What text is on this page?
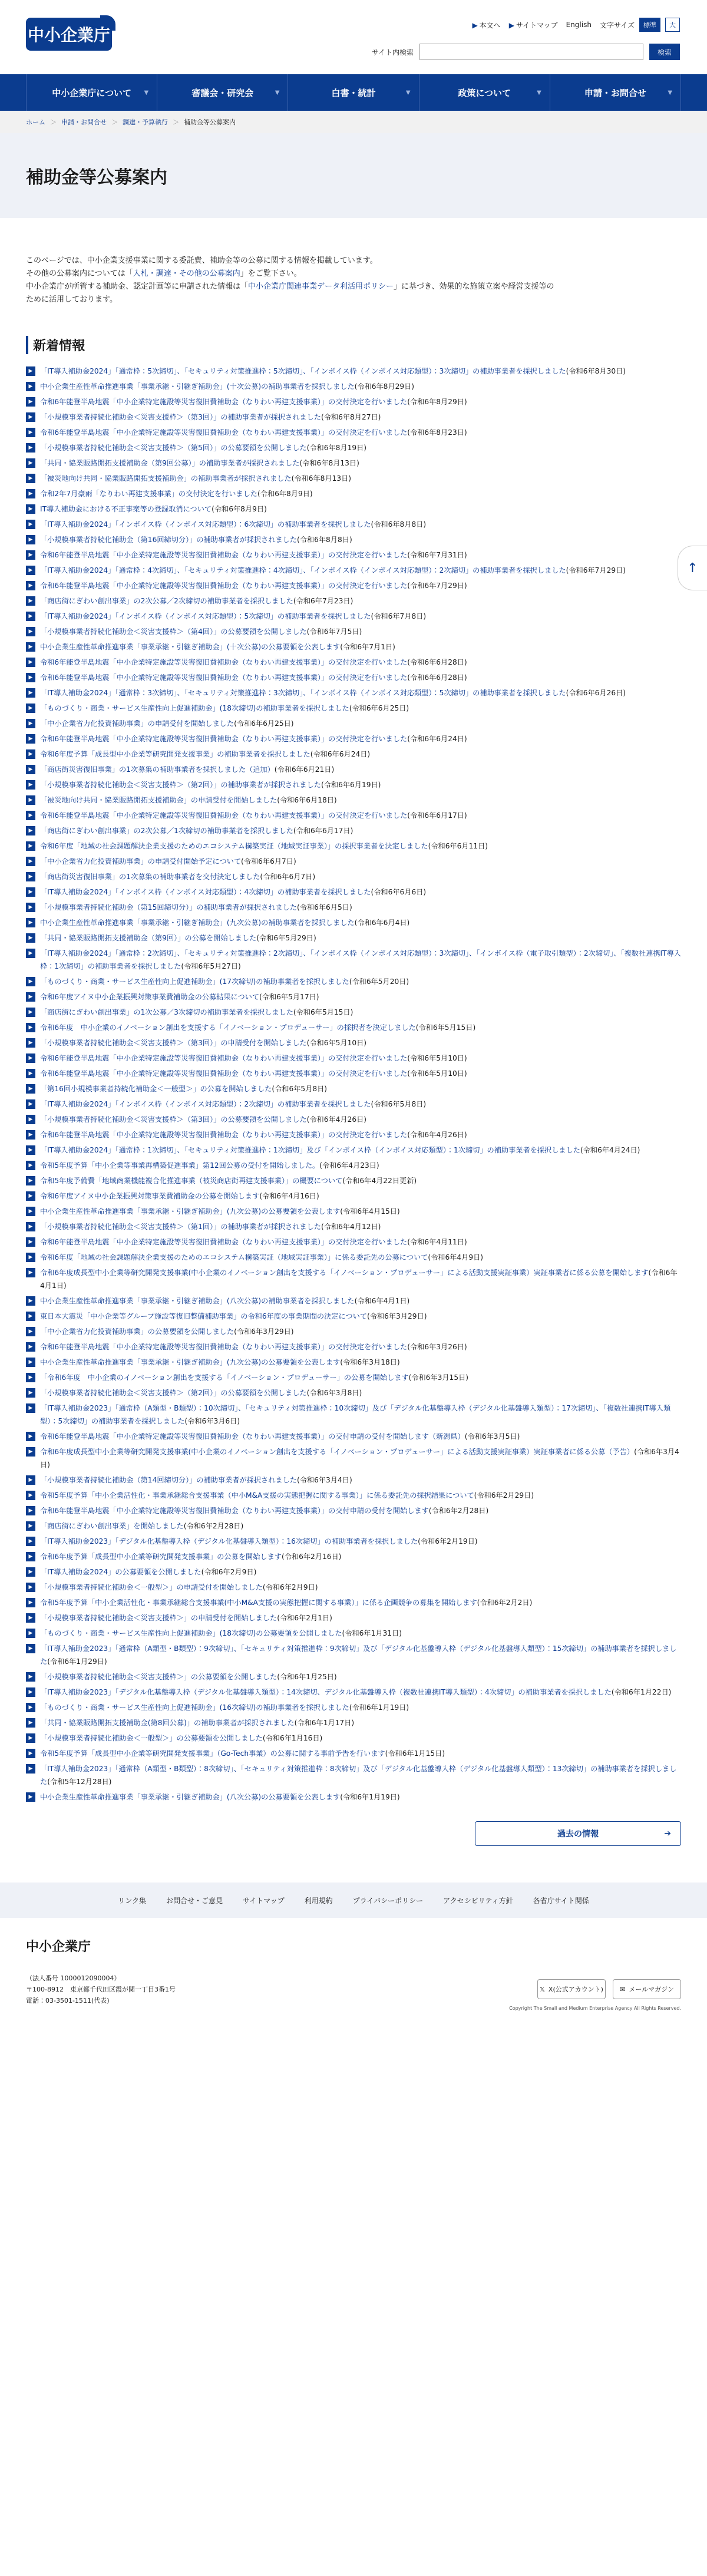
中小企業庁
▶ 本文へ ▶ サイトマップ English 文字サイズ	標準	大
サイト内検索	検索
中小企業庁について ▼	審議会・研究会	▼	白書・統計	▼	政策について	▼	申請・お問合せ	▼
ホーム ＞ 申請・お問合せ ＞ 調達・予算執行 ＞ 補助金等公募案内
補助金等公募案内

このページでは、中小企業支援事業に関する委託費、補助金等の公募に関する情報を掲載しています。

その他の公募案内については「入札・調達・その他の公募案内」をご覧下さい。

中小企業庁が所管する補助金、認定計画等に申請された情報は「中小企業庁関連事業データ利活用ポリシー」に基づき、効果的な施策立案や経営支援等の

ために活用しております。

新着情報
▶	「IT導入補助金2024」「通常枠：5次締切」、「セキュリティ対策推進枠：5次締切」、「インボイス枠（インボイス対応類型）：3次締切」の補助事業者を採択しました(令和6年8月30日)
▶	中小企業生産性革命推進事業「事業承継・引継ぎ補助金」(十次公募)の補助事業者を採択しました(令和6年8月29日)
▶	令和6年能登半島地震「中小企業特定施設等災害復旧費補助金（なりわい再建支援事業）」の交付決定を行いました(令和6年8月29日)
▶	「小規模事業者持続化補助金＜災害支援枠＞（第3回）」の補助事業者が採択されました(令和6年8月27日)
▶	令和6年能登半島地震「中小企業特定施設等災害復旧費補助金（なりわい再建支援事業）」の交付決定を行いました(令和6年8月23日)
▶	「小規模事業者持続化補助金＜災害支援枠＞（第5回）」の公募要領を公開しました(令和6年8月19日)
▶	「共同・協業販路開拓支援補助金（第9回公募）」の補助事業者が採択されました(令和6年8月13日)
▶	「被災地向け共同・協業販路開拓支援補助金」の補助事業者が採択されました(令和6年8月13日)
▶	令和2年7月豪雨「なりわい再建支援事業」の交付決定を行いました(令和6年8月9日)
▶	IT導入補助金における不正事案等の登録取消について(令和6年8月9日)
▶	「IT導入補助金2024」「インボイス枠（インボイス対応類型）：6次締切」の補助事業者を採択しました(令和6年8月8日)
▶	「小規模事業者持続化補助金（第16回締切分）」の補助事業者が採択されました(令和6年8月8日)
▶	令和6年能登半島地震「中小企業特定施設等災害復旧費補助金（なりわい再建支援事業）」の交付決定を行いました(令和6年7月31日)
▶	「IT導入補助金2024」「通常枠：4次締切」、「セキュリティ対策推進枠：4次締切」、「インボイス枠（インボイス対応類型）：2次締切」の補助事業者を採択しました(令和6年7月29日)
▶	令和6年能登半島地震「中小企業特定施設等災害復旧費補助金（なりわい再建支援事業）」の交付決定を行いました(令和6年7月29日)
▶	「商店街にぎわい創出事業」の2次公募／2次締切の補助事業者を採択しました(令和6年7月23日)
▶	「IT導入補助金2024」「インボイス枠（インボイス対応類型）：5次締切」の補助事業者を採択しました(令和6年7月8日)
▶	「小規模事業者持続化補助金＜災害支援枠＞（第4回）」の公募要領を公開しました(令和6年7月5日)
▶	中小企業生産性革命推進事業「事業承継・引継ぎ補助金」(十次公募)の公募要領を公表します(令和6年7月1日)
▶	令和6年能登半島地震「中小企業特定施設等災害復旧費補助金（なりわい再建支援事業）」の交付決定を行いました(令和6年6月28日)
▶	令和6年能登半島地震「中小企業特定施設等災害復旧費補助金（なりわい再建支援事業）」の交付決定を行いました(令和6年6月28日)
▶	「IT導入補助金2024」「通常枠：3次締切」、「セキュリティ対策推進枠：3次締切」、「インボイス枠（インボイス対応類型）：5次締切」の補助事業者を採択しました(令和6年6月26日)
▶	「ものづくり・商業・サービス生産性向上促進補助金」(18次締切)の補助事業者を採択しました(令和6年6月25日)
▶	「中小企業省力化投資補助事業」の申請受付を開始しました(令和6年6月25日)
▶	令和6年能登半島地震「中小企業特定施設等災害復旧費補助金（なりわい再建支援事業）」の交付決定を行いました(令和6年6月24日)
▶	令和6年度予算「成長型中小企業等研究開発支援事業」の補助事業者を採択しました(令和6年6月24日)
▶	「商店街災害復旧事業」の1次募集の補助事業者を採択しました（追加）(令和6年6月21日)
▶	「小規模事業者持続化補助金＜災害支援枠＞（第2回）」の補助事業者が採択されました(令和6年6月19日)
▶	「被災地向け共同・協業販路開拓支援補助金」の申請受付を開始しました(令和6年6月18日)
▶	令和6年能登半島地震「中小企業特定施設等災害復旧費補助金（なりわい再建支援事業）」の交付決定を行いました(令和6年6月17日)
▶	「商店街にぎわい創出事業」の2次公募／1次締切の補助事業者を採択しました(令和6年6月17日)
▶	令和6年度「地域の社会課題解決企業支援のためのエコシステム構築実証（地域実証事業）」の採択事業者を決定しました(令和6年6月11日)
▶	「中小企業省力化投資補助事業」の申請受付開始予定について(令和6年6月7日)
▶	「商店街災害復旧事業」の1次募集の補助事業者を交付決定しました(令和6年6月7日)
▶	「IT導入補助金2024」「インボイス枠（インボイス対応類型）：4次締切」の補助事業者を採択しました(令和6年6月6日)
▶	「小規模事業者持続化補助金（第15回締切分）」の補助事業者が採択されました(令和6年6月5日)
▶	中小企業生産性革命推進事業「事業承継・引継ぎ補助金」(九次公募)の補助事業者を採択しました(令和6年6月4日)
▶	「共同・協業販路開拓支援補助金（第9回）」の公募を開始しました(令和6年5月29日)
▶	「IT導入補助金2024」「通常枠：2次締切」、「セキュリティ対策推進枠：2次締切」、「インボイス枠（インボイス対応類型）：3次締切」、「インボイス枠（電子取引類型）：2次締切」、「複数社連携IT導入枠：1次締切」の補助事業者を採択しました(令和6年5月27日)
▶	「ものづくり・商業・サービス生産性向上促進補助金」(17次締切)の補助事業者を採択しました(令和6年5月20日)
▶	令和6年度アイヌ中小企業振興対策事業費補助金の公募結果について(令和6年5月17日)
▶	「商店街にぎわい創出事業」の1次公募／3次締切の補助事業者を採択しました(令和6年5月15日)
▶	令和6年度　中小企業のイノベーション創出を支援する「イノベーション・プロデューサー」の採択者を決定しました(令和6年5月15日)
▶	「小規模事業者持続化補助金＜災害支援枠＞（第3回）」の申請受付を開始しました(令和6年5月10日)
▶	令和6年能登半島地震「中小企業特定施設等災害復旧費補助金（なりわい再建支援事業）」の交付決定を行いました(令和6年5月10日)
▶	令和6年能登半島地震「中小企業特定施設等災害復旧費補助金（なりわい再建支援事業）」の交付決定を行いました(令和6年5月10日)
▶	「第16回小規模事業者持続化補助金＜一般型＞」の公募を開始しました(令和6年5月8日)
▶	「IT導入補助金2024」「インボイス枠（インボイス対応類型）：2次締切」の補助事業者を採択しました(令和6年5月8日)
▶	「小規模事業者持続化補助金＜災害支援枠＞（第3回）」の公募要領を公開しました(令和6年4月26日)
▶	令和6年能登半島地震「中小企業特定施設等災害復旧費補助金（なりわい再建支援事業）」の交付決定を行いました(令和6年4月26日)
▶	「IT導入補助金2024」「通常枠：1次締切」、「セキュリティ対策推進枠：1次締切」及び「インボイス枠（インボイス対応類型）：1次締切」の補助事業者を採択しました(令和6年4月24日)
▶	令和5年度予算「中小企業等事業再構築促進事業」第12回公募の受付を開始しました。(令和6年4月23日)
▶	令和5年度予備費「地域商業機能複合化推進事業（被災商店街再建支援事業）」の概要について(令和6年4月22日更新)
▶	令和6年度アイヌ中小企業振興対策事業費補助金の公募を開始します(令和6年4月16日)
▶	中小企業生産性革命推進事業「事業承継・引継ぎ補助金」(九次公募)の公募要領を公表します(令和6年4月15日)
▶	「小規模事業者持続化補助金＜災害支援枠＞（第1回）」の補助事業者が採択されました(令和6年4月12日)
▶	令和6年能登半島地震「中小企業特定施設等災害復旧費補助金（なりわい再建支援事業）」の交付決定を行いました(令和6年4月11日)
▶	令和6年度「地域の社会課題解決企業支援のためのエコシステム構築実証（地域実証事業）」に係る委託先の公募について(令和6年4月9日)
▶	令和6年度成長型中小企業等研究開発支援事業(中小企業のイノベーション創出を支援する「イノベーション・プロデューサー」による活動支援実証事業）実証事業者に係る公募を開始します(令和6年4月1日)
▶	中小企業生産性革命推進事業「事業承継・引継ぎ補助金」(八次公募)の補助事業者を採択しました(令和6年4月1日)
▶	東日本大震災「中小企業等グループ施設等復旧整備補助事業」の令和6年度の事業期間の決定について(令和6年3月29日)
▶	「中小企業省力化投資補助事業」の公募要領を公開しました(令和6年3月29日)
▶	令和6年能登半島地震「中小企業特定施設等災害復旧費補助金（なりわい再建支援事業）」の交付決定を行いました(令和6年3月26日)
▶	中小企業生産性革命推進事業「事業承継・引継ぎ補助金」(九次公募)の公募要領を公表します(令和6年3月18日)
▶	「令和6年度　中小企業のイノベーション創出を支援する「イノベーション・プロデューサー」の公募を開始します(令和6年3月15日)
▶	「小規模事業者持続化補助金＜災害支援枠＞（第2回）」の公募要領を公開しました(令和6年3月8日)
▶	「IT導入補助金2023」「通常枠（A類型・B類型）：10次締切」、「セキュリティ対策推進枠：10次締切」及び「デジタル化基盤導入枠（デジタル化基盤導入類型）：17次締切」、「複数社連携IT導入類型）：5次締切」の補助事業者を採択しました(令和6年3月6日)
▶	令和6年能登半島地震「中小企業特定施設等災害復旧費補助金（なりわい再建支援事業）」の交付申請の受付を開始します（新潟県）(令和6年3月5日)
▶	令和6年度成長型中小企業等研究開発支援事業(中小企業のイノベーション創出を支援する「イノベーション・プロデューサー」による活動支援実証事業）実証事業者に係る公募（予告）(令和6年3月4日)
▶	「小規模事業者持続化補助金（第14回締切分）」の補助事業者が採択されました(令和6年3月4日)
▶	令和5年度予算「中小企業活性化・事業承継総合支援事業（中小M&A支援の実態把握に関する事業）」に係る委託先の採択結果について(令和6年2月29日)
▶	令和6年能登半島地震「中小企業特定施設等災害復旧費補助金（なりわい再建支援事業）」の交付申請の受付を開始します(令和6年2月28日)
▶	「商店街にぎわい創出事業」を開始しました(令和6年2月28日)
▶	「IT導入補助金2023」「デジタル化基盤導入枠（デジタル化基盤導入類型）：16次締切」の補助事業者を採択しました(令和6年2月19日)
▶	令和6年度予算「成長型中小企業等研究開発支援事業」の公募を開始します(令和6年2月16日)
▶	「IT導入補助金2024」の公募要領を公開しました(令和6年2月9日)
▶	「小規模事業者持続化補助金＜一般型＞」の申請受付を開始しました(令和6年2月9日)
▶	令和5年度予算「中小企業活性化・事業承継総合支援事業(中小M&A支援の実態把握に関する事業）」に係る企画競争の募集を開始します(令和6年2月2日)
▶	「小規模事業者持続化補助金＜災害支援枠＞」の申請受付を開始しました(令和6年2月1日)
▶	「ものづくり・商業・サービス生産性向上促進補助金」(18次締切)の公募要領を公開しました(令和6年1月31日)
▶	「IT導入補助金2023」「通常枠（A類型・B類型）：9次締切」、「セキュリティ対策推進枠：9次締切」及び「デジタル化基盤導入枠（デジタル化基盤導入類型）：15次締切」の補助事業者を採択しました(令和6年1月29日)
▶	「小規模事業者持続化補助金＜災害支援枠＞」の公募要領を公開しました(令和6年1月25日)
▶	「IT導入補助金2023」「デジタル化基盤導入枠（デジタル化基盤導入類型）：14次締切、デジタル化基盤導入枠（複数社連携IT導入類型）：4次締切」の補助事業者を採択しました(令和6年1月22日)
▶	「ものづくり・商業・サービス生産性向上促進補助金」(16次締切)の補助事業者を採択しました(令和6年1月19日)
▶	「共同・協業販路開拓支援補助金(第8回公募)」の補助事業者が採択されました(令和6年1月17日)
▶	「小規模事業者持続化補助金＜一般型＞」の公募要領を公開しました(令和6年1月16日)
▶	令和5年度予算「成長型中小企業等研究開発支援事業」（Go-Tech事業）の公募に関する事前予告を行います(令和6年1月15日)
▶	「IT導入補助金2023」「通常枠（A類型・B類型）：8次締切」、「セキュリティ対策推進枠：8次締切」及び「デジタル化基盤導入枠（デジタル化基盤導入類型）：13次締切」の補助事業者を採択しました(令和5年12月28日)
▶	中小企業生産性革命推進事業「事業承継・引継ぎ補助金」(八次公募)の公募要領を公表します(令和6年1月19日)
過去の情報	➔
↑
リンク集	お問合せ・ご意見	サイトマップ	利用規約	プライバシーポリシー	アクセシビリティ方針	各省庁サイト関係
中小企業庁
（法人番号 1000012090004）
〒100-8912　東京都千代田区霞が関一丁目3番1号
電話：03-3501-1511(代表)
𝕏 X(公式アカウント)	✉ メールマガジン
Copyright The Small and Medium Enterprise Agency All Rights Reserved.
